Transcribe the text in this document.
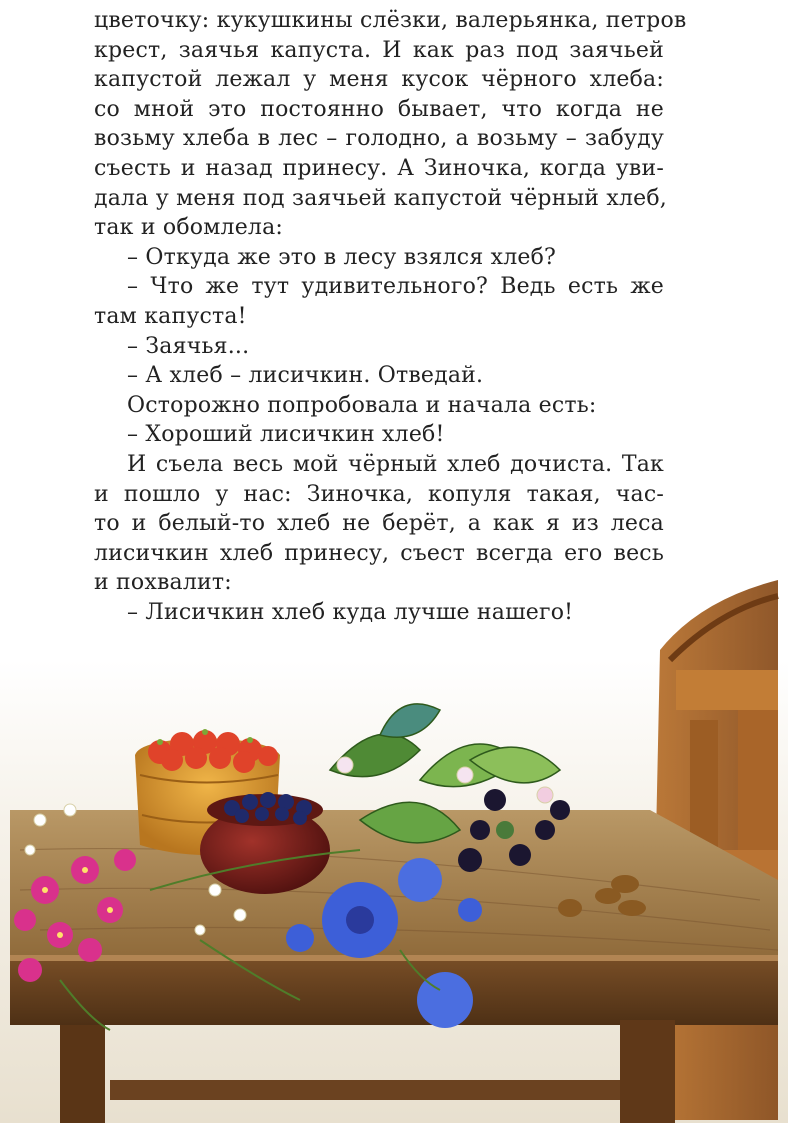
цветочку: кукушкины слёзки, валерьянка, петров
крест, заячья капуста. И как раз под заячьей
капустой лежал у меня кусок чёрного хлеба:
со мной это постоянно бывает, что когда не
возьму хлеба в лес – голодно, а возьму – забуду
съесть и назад принесу. А Зиночка, когда уви-
дала у меня под заячьей капустой чёрный хлеб,
так и обомлела:
– Откуда же это в лесу взялся хлеб?
– Что же тут удивительного? Ведь есть же
там капуста!
– Заячья...
– А хлеб – лисичкин. Отведай.
Осторожно попробовала и начала есть:
– Хороший лисичкин хлеб!
И съела весь мой чёрный хлеб дочиста. Так
и пошло у нас: Зиночка, копуля такая, час-
то и белый-то хлеб не берёт, а как я из леса
лисичкин хлеб принесу, съест всегда его весь
и похвалит:
– Лисичкин хлеб куда лучше нашего!
